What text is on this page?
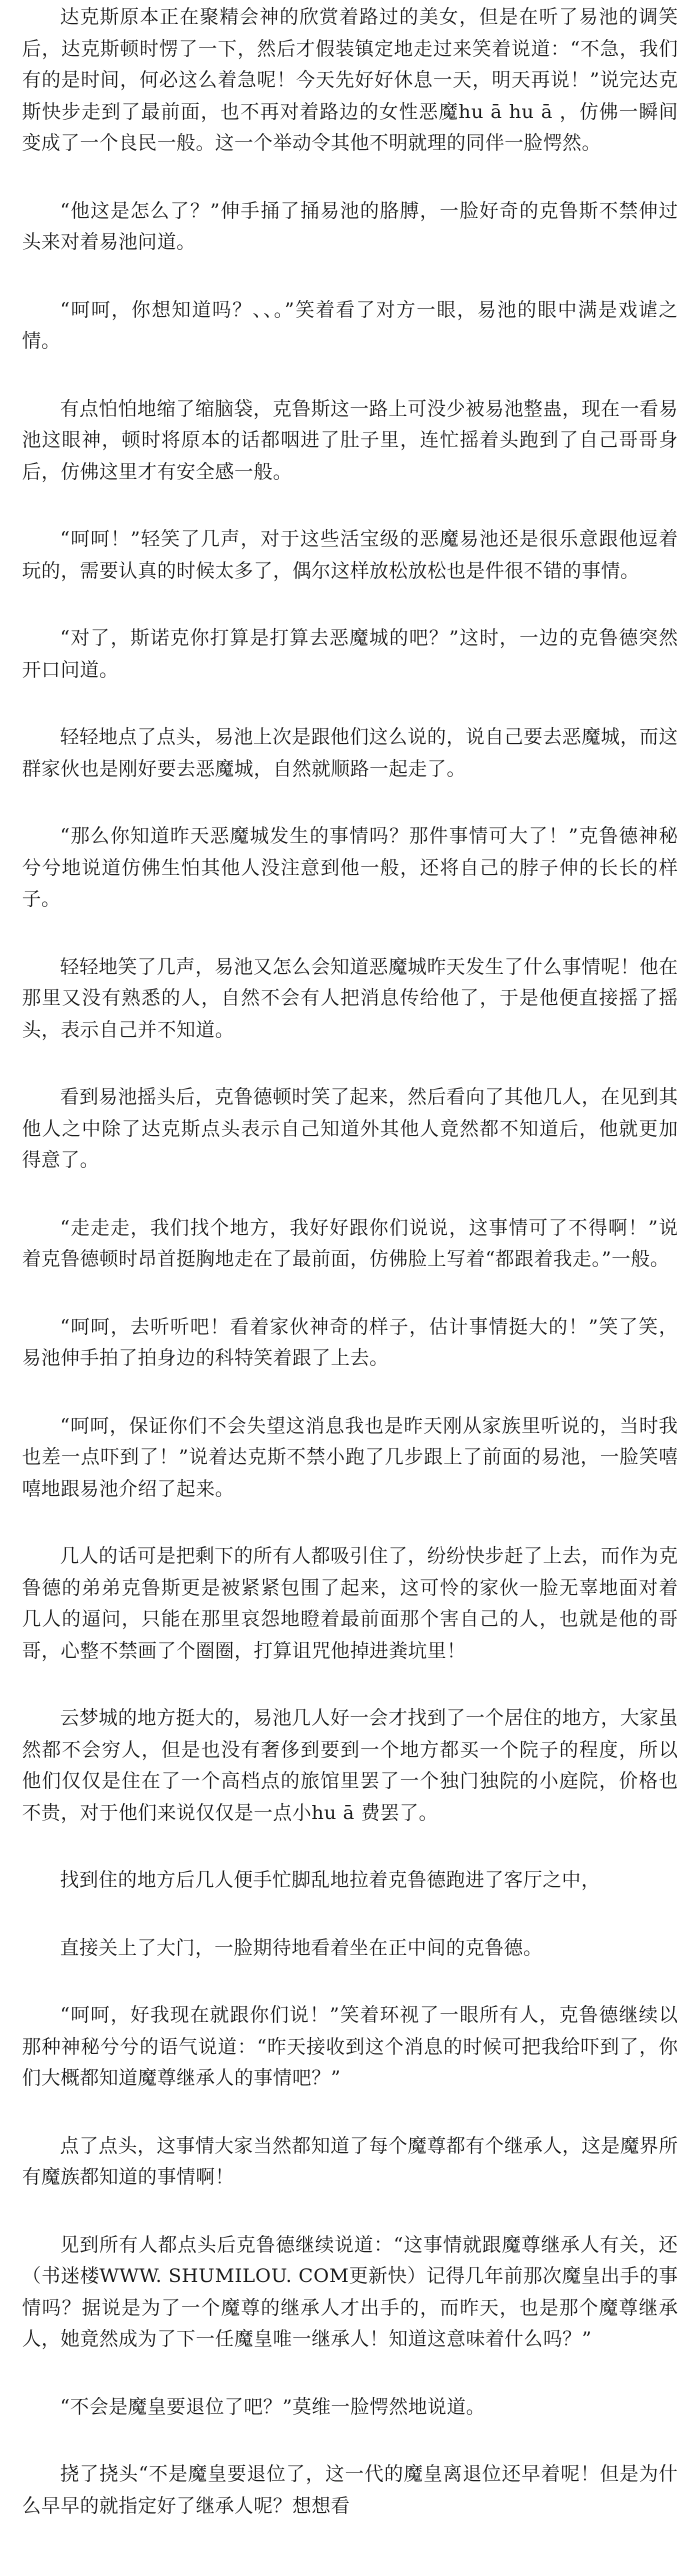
达克斯原本正在聚精会神的欣赏着路过的美女，但是在听了易池的调笑后，达克斯顿时愣了一下，然后才假装镇定地走过来笑着说道：“不急，我们有的是时间，何必这么着急呢！今天先好好休息一天，明天再说！”说完达克斯快步走到了最前面，也不再对着路边的女性恶魔hu ā hu ā ，仿佛一瞬间变成了一个良民一般。这一个举动令其他不明就理的同伴一脸愕然。

“他这是怎么了？”伸手捅了捅易池的胳膊，一脸好奇的克鲁斯不禁伸过头来对着易池问道。

“呵呵，你想知道吗？、、。”笑着看了对方一眼，易池的眼中满是戏谑之情。

有点怕怕地缩了缩脑袋，克鲁斯这一路上可没少被易池整蛊，现在一看易池这眼神，顿时将原本的话都咽进了肚子里，连忙摇着头跑到了自己哥哥身后，仿佛这里才有安全感一般。

“呵呵！”轻笑了几声，对于这些活宝级的恶魔易池还是很乐意跟他逗着玩的，需要认真的时候太多了，偶尔这样放松放松也是件很不错的事情。

“对了，斯诺克你打算是打算去恶魔城的吧？”这时，一边的克鲁德突然开口问道。

轻轻地点了点头，易池上次是跟他们这么说的，说自己要去恶魔城，而这群家伙也是刚好要去恶魔城，自然就顺路一起走了。

“那么你知道昨天恶魔城发生的事情吗？那件事情可大了！”克鲁德神秘兮兮地说道仿佛生怕其他人没注意到他一般，还将自己的脖子伸的长长的样子。

轻轻地笑了几声，易池又怎么会知道恶魔城昨天发生了什么事情呢！他在那里又没有熟悉的人，自然不会有人把消息传给他了，于是他便直接摇了摇头，表示自己并不知道。

看到易池摇头后，克鲁德顿时笑了起来，然后看向了其他几人，在见到其他人之中除了达克斯点头表示自己知道外其他人竟然都不知道后，他就更加得意了。

“走走走，我们找个地方，我好好跟你们说说，这事情可了不得啊！”说着克鲁德顿时昂首挺胸地走在了最前面，仿佛脸上写着“都跟着我走。”一般。

“呵呵，去听听吧！看着家伙神奇的样子，估计事情挺大的！”笑了笑，易池伸手拍了拍身边的科特笑着跟了上去。

“呵呵，保证你们不会失望这消息我也是昨天刚从家族里听说的，当时我也差一点吓到了！”说着达克斯不禁小跑了几步跟上了前面的易池，一脸笑嘻嘻地跟易池介绍了起来。

几人的话可是把剩下的所有人都吸引住了，纷纷快步赶了上去，而作为克鲁德的弟弟克鲁斯更是被紧紧包围了起来，这可怜的家伙一脸无辜地面对着几人的逼问，只能在那里哀怨地瞪着最前面那个害自己的人，也就是他的哥哥，心整不禁画了个圈圈，打算诅咒他掉进粪坑里！

云梦城的地方挺大的，易池几人好一会才找到了一个居住的地方，大家虽然都不会穷人，但是也没有奢侈到要到一个地方都买一个院子的程度，所以他们仅仅是住在了一个高档点的旅馆里罢了一个独门独院的小庭院，价格也不贵，对于他们来说仅仅是一点小hu ā 费罢了。

找到住的地方后几人便手忙脚乱地拉着克鲁德跑进了客厅之中，

直接关上了大门，一脸期待地看着坐在正中间的克鲁德。

“呵呵，好我现在就跟你们说！”笑着环视了一眼所有人，克鲁德继续以那种神秘兮兮的语气说道：“昨天接收到这个消息的时候可把我给吓到了，你们大概都知道魔尊继承人的事情吧？”

点了点头，这事情大家当然都知道了每个魔尊都有个继承人，这是魔界所有魔族都知道的事情啊！

见到所有人都点头后克鲁德继续说道：“这事情就跟魔尊继承人有关，还（书迷楼WWW. SHUMILOU. COM更新快）记得几年前那次魔皇出手的事情吗？据说是为了一个魔尊的继承人才出手的，而昨天，也是那个魔尊继承人，她竟然成为了下一任魔皇唯一继承人！知道这意味着什么吗？”

“不会是魔皇要退位了吧？”莫维一脸愕然地说道。

挠了挠头“不是魔皇要退位了，这一代的魔皇离退位还早着呢！但是为什么早早的就指定好了继承人呢？想想看
